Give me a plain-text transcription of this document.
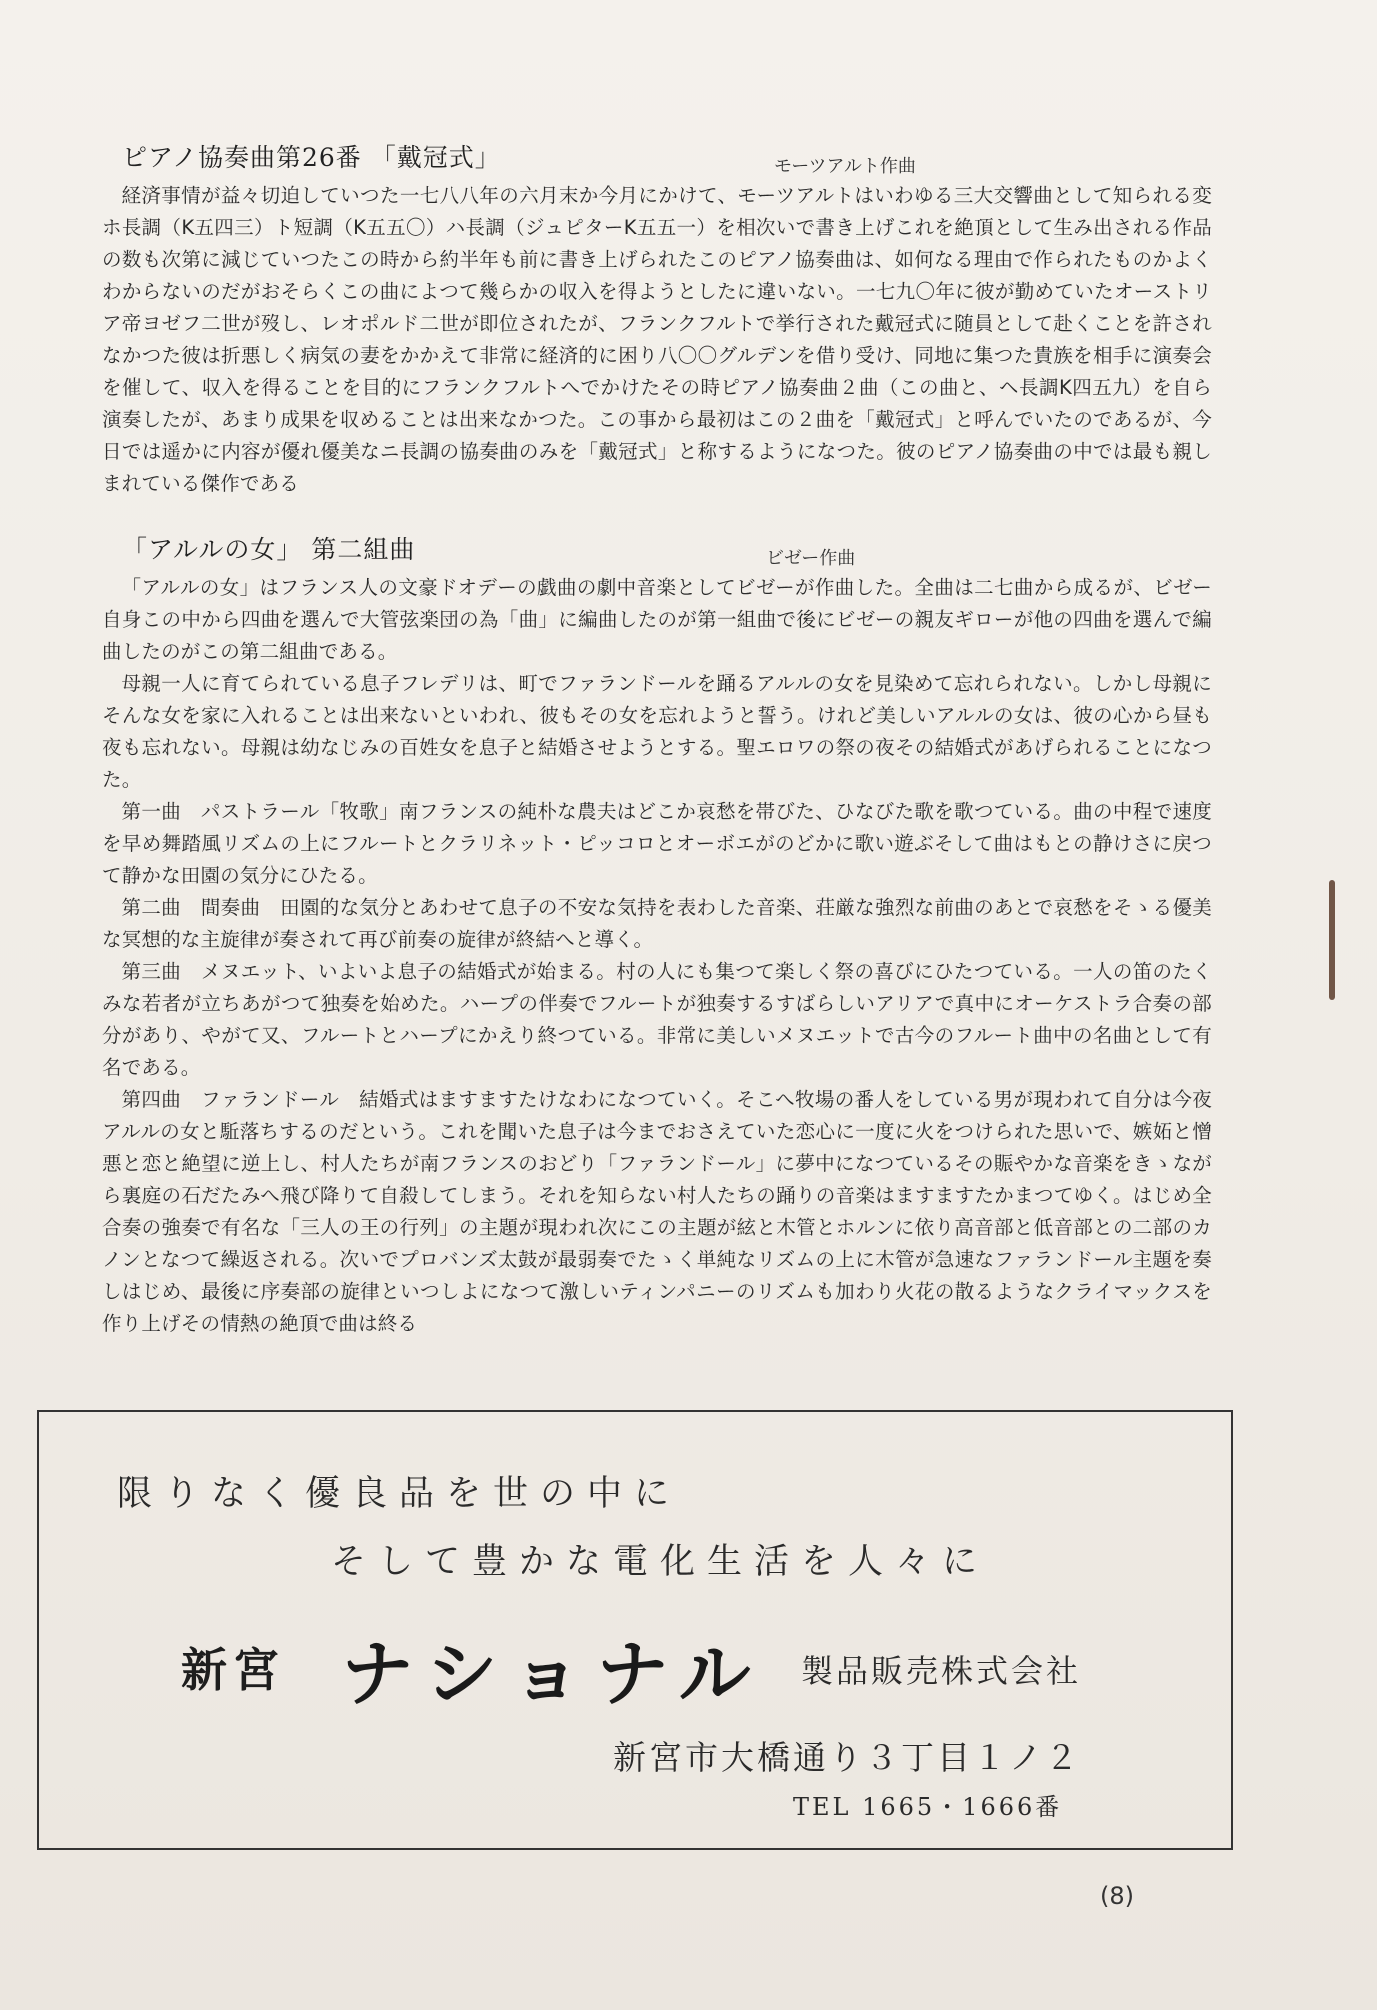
ピアノ協奏曲第26番 「戴冠式」	モーツアルト作曲

経済事情が益々切迫していつた一七八八年の六月末か今月にかけて、モーツアルトはいわゆる三大交響曲として知られる変ホ長調（K五四三）ト短調（K五五〇）ハ長調（ジュピターK五五一）を相次いで書き上げこれを絶頂として生み出される作品の数も次第に減じていつたこの時から約半年も前に書き上げられたこのピアノ協奏曲は、如何なる理由で作られたものかよくわからないのだがおそらくこの曲によつて幾らかの収入を得ようとしたに違いない。一七九〇年に彼が勤めていたオーストリア帝ヨゼフ二世が歿し、レオポルド二世が即位されたが、フランクフルトで挙行された戴冠式に随員として赴くことを許されなかつた彼は折悪しく病気の妻をかかえて非常に経済的に困り八〇〇グルデンを借り受け、同地に集つた貴族を相手に演奏会を催して、収入を得ることを目的にフランクフルトへでかけたその時ピアノ協奏曲２曲（この曲と、ヘ長調K四五九）を自ら演奏したが、あまり成果を収めることは出来なかつた。この事から最初はこの２曲を「戴冠式」と呼んでいたのであるが、今日では遥かに内容が優れ優美なニ長調の協奏曲のみを「戴冠式」と称するようになつた。彼のピアノ協奏曲の中では最も親しまれている傑作である

「アルルの女」 第二組曲	ビゼー作曲

「アルルの女」はフランス人の文豪ドオデーの戯曲の劇中音楽としてビゼーが作曲した。全曲は二七曲から成るが、ビゼー自身この中から四曲を選んで大管弦楽団の為「曲」に編曲したのが第一組曲で後にビゼーの親友ギローが他の四曲を選んで編曲したのがこの第二組曲である。

母親一人に育てられている息子フレデリは、町でファランドールを踊るアルルの女を見染めて忘れられない。しかし母親にそんな女を家に入れることは出来ないといわれ、彼もその女を忘れようと誓う。けれど美しいアルルの女は、彼の心から昼も夜も忘れない。母親は幼なじみの百姓女を息子と結婚させようとする。聖エロワの祭の夜その結婚式があげられることになつた。

第一曲　パストラール「牧歌」南フランスの純朴な農夫はどこか哀愁を帯びた、ひなびた歌を歌つている。曲の中程で速度を早め舞踏風リズムの上にフルートとクラリネット・ピッコロとオーボエがのどかに歌い遊ぶそして曲はもとの静けさに戻つて静かな田園の気分にひたる。

第二曲　間奏曲　田園的な気分とあわせて息子の不安な気持を表わした音楽、荘厳な強烈な前曲のあとで哀愁をそゝる優美な冥想的な主旋律が奏されて再び前奏の旋律が終結へと導く。

第三曲　メヌエット、いよいよ息子の結婚式が始まる。村の人にも集つて楽しく祭の喜びにひたつている。一人の笛のたくみな若者が立ちあがつて独奏を始めた。ハープの伴奏でフルートが独奏するすばらしいアリアで真中にオーケストラ合奏の部分があり、やがて又、フルートとハープにかえり終つている。非常に美しいメヌエットで古今のフルート曲中の名曲として有名である。

第四曲　ファランドール　結婚式はますますたけなわになつていく。そこへ牧場の番人をしている男が現われて自分は今夜アルルの女と駈落ちするのだという。これを聞いた息子は今までおさえていた恋心に一度に火をつけられた思いで、嫉妬と憎悪と恋と絶望に逆上し、村人たちが南フランスのおどり「ファランドール」に夢中になつているその賑やかな音楽をきゝながら裏庭の石だたみへ飛び降りて自殺してしまう。それを知らない村人たちの踊りの音楽はますますたかまつてゆく。はじめ全合奏の強奏で有名な「三人の王の行列」の主題が現われ次にこの主題が絃と木管とホルンに依り高音部と低音部との二部のカノンとなつて繰返される。次いでプロバンズ太鼓が最弱奏でたゝく単純なリズムの上に木管が急速なファランドール主題を奏しはじめ、最後に序奏部の旋律といつしよになつて激しいティンパニーのリズムも加わり火花の散るようなクライマックスを作り上げその情熱の絶頂で曲は終る

限りなく優良品を世の中に
そして豊かな電化生活を人々に
新宮 ナショナル 製品販売株式会社
新宮市大橋通り３丁目１ノ２
TEL 1665・1666番
(8)
